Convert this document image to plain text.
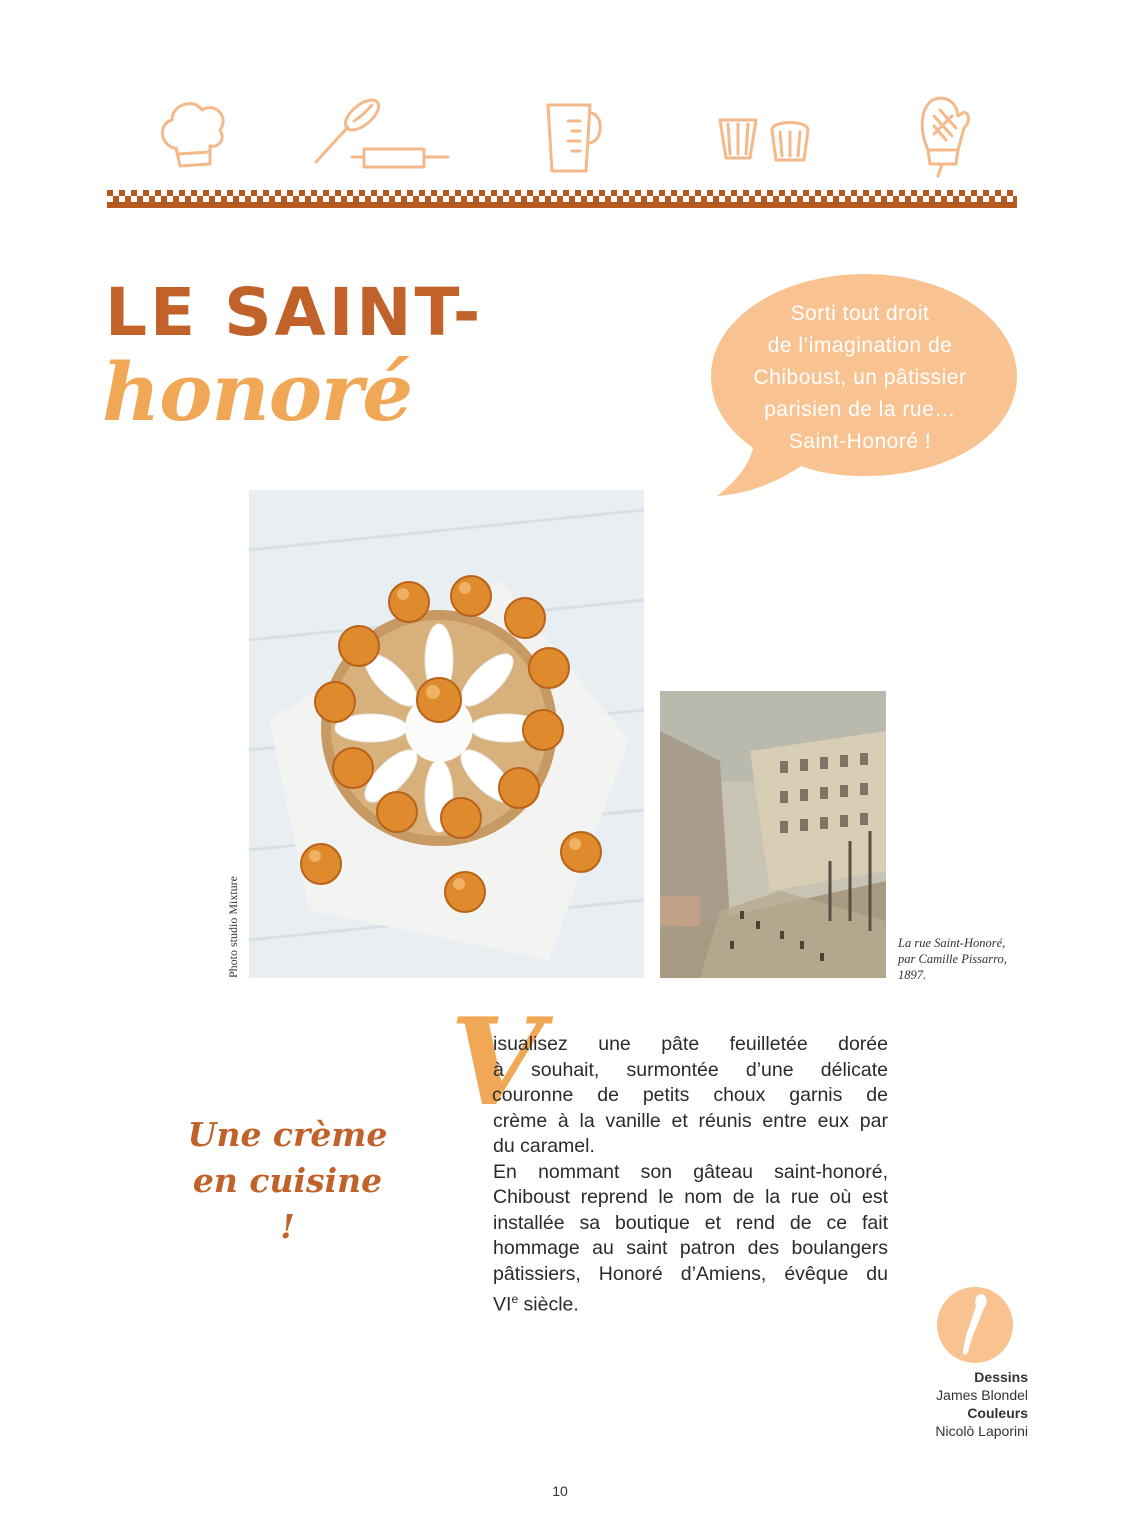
LE SAINT-
honoré
Sorti tout droit
de l’imagination de
Chiboust, un pâtissier
parisien de la rue…
Saint-Honoré !
Photo studio Mixture	La rue Saint-Honoré,
par Camille Pissarro,
1897.
Une crème
en cuisine !
V
isualisez une pâte feuilletée dorée
à souhait, surmontée d’une délicate
couronne de petits choux garnis de
crème à la vanille et réunis entre eux par
du caramel.
En nommant son gâteau saint-honoré,
Chiboust reprend le nom de la rue où est
installée sa boutique et rend de ce fait
hommage au saint patron des boulangers
pâtissiers, Honoré d’Amiens, évêque du
VIe siècle.
Dessins
James Blondel
Couleurs
Nicolò Laporini
10
